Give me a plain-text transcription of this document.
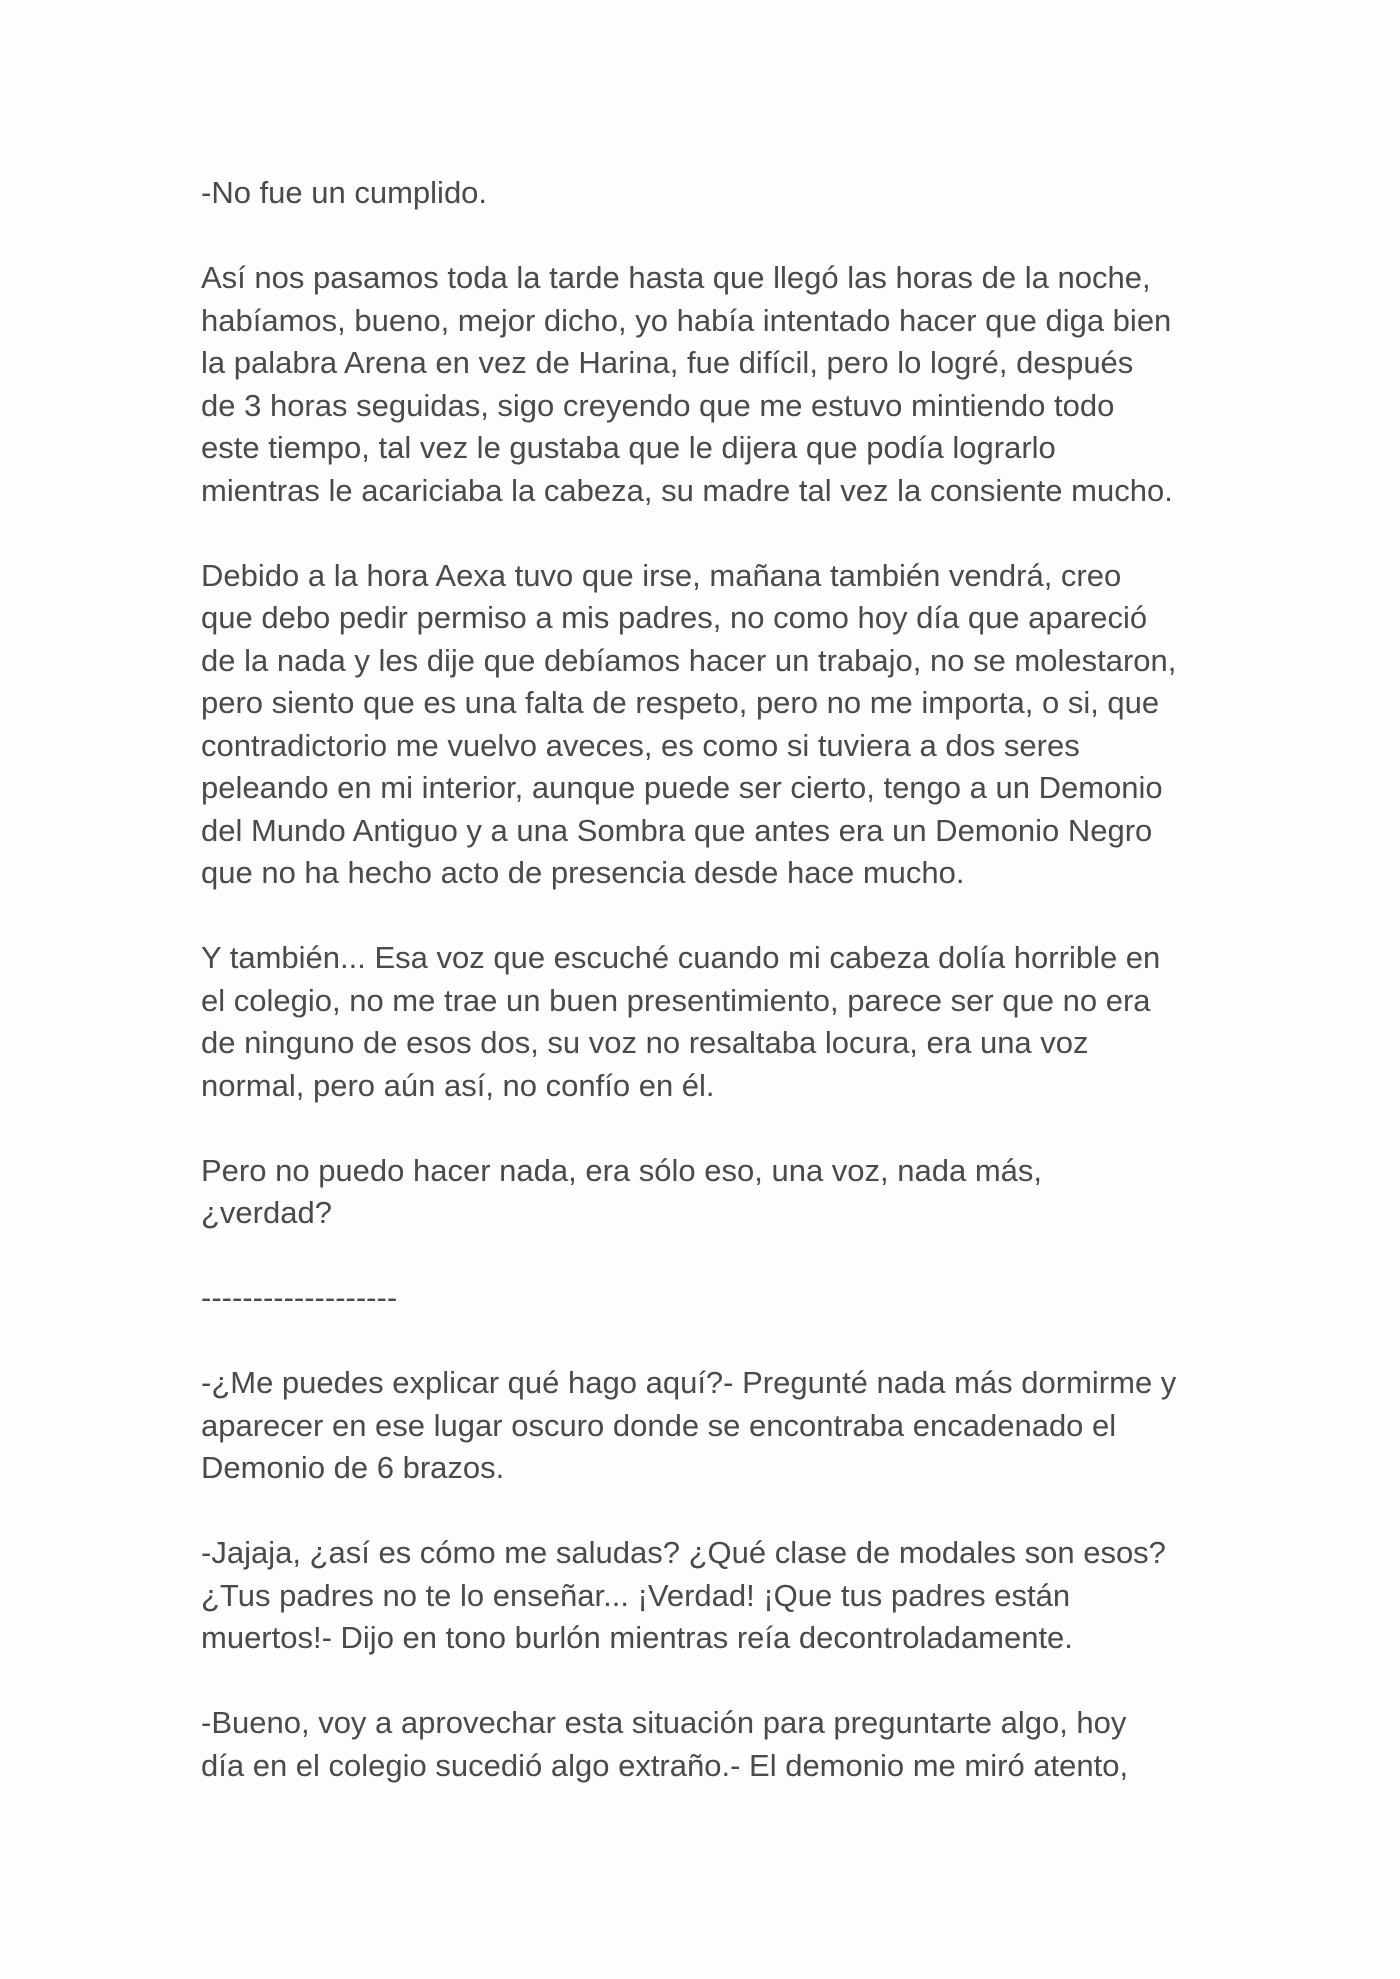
-No fue un cumplido.

Así nos pasamos toda la tarde hasta que llegó las horas de la noche,
habíamos, bueno, mejor dicho, yo había intentado hacer que diga bien
la palabra Arena en vez de Harina, fue difícil, pero lo logré, después
de 3 horas seguidas, sigo creyendo que me estuvo mintiendo todo
este tiempo, tal vez le gustaba que le dijera que podía lograrlo
mientras le acariciaba la cabeza, su madre tal vez la consiente mucho.

Debido a la hora Aexa tuvo que irse, mañana también vendrá, creo
que debo pedir permiso a mis padres, no como hoy día que apareció
de la nada y les dije que debíamos hacer un trabajo, no se molestaron,
pero siento que es una falta de respeto, pero no me importa, o si, que
contradictorio me vuelvo aveces, es como si tuviera a dos seres
peleando en mi interior, aunque puede ser cierto, tengo a un Demonio
del Mundo Antiguo y a una Sombra que antes era un Demonio Negro
que no ha hecho acto de presencia desde hace mucho.

Y también... Esa voz que escuché cuando mi cabeza dolía horrible en
el colegio, no me trae un buen presentimiento, parece ser que no era
de ninguno de esos dos, su voz no resaltaba locura, era una voz
normal, pero aún así, no confío en él.

Pero no puedo hacer nada, era sólo eso, una voz, nada más,
¿verdad?

-------------------

-¿Me puedes explicar qué hago aquí?- Pregunté nada más dormirme y
aparecer en ese lugar oscuro donde se encontraba encadenado el
Demonio de 6 brazos.

-Jajaja, ¿así es cómo me saludas? ¿Qué clase de modales son esos?
¿Tus padres no te lo enseñar... ¡Verdad! ¡Que tus padres están
muertos!- Dijo en tono burlón mientras reía decontroladamente.

-Bueno, voy a aprovechar esta situación para preguntarte algo, hoy
día en el colegio sucedió algo extraño.- El demonio me miró atento,
